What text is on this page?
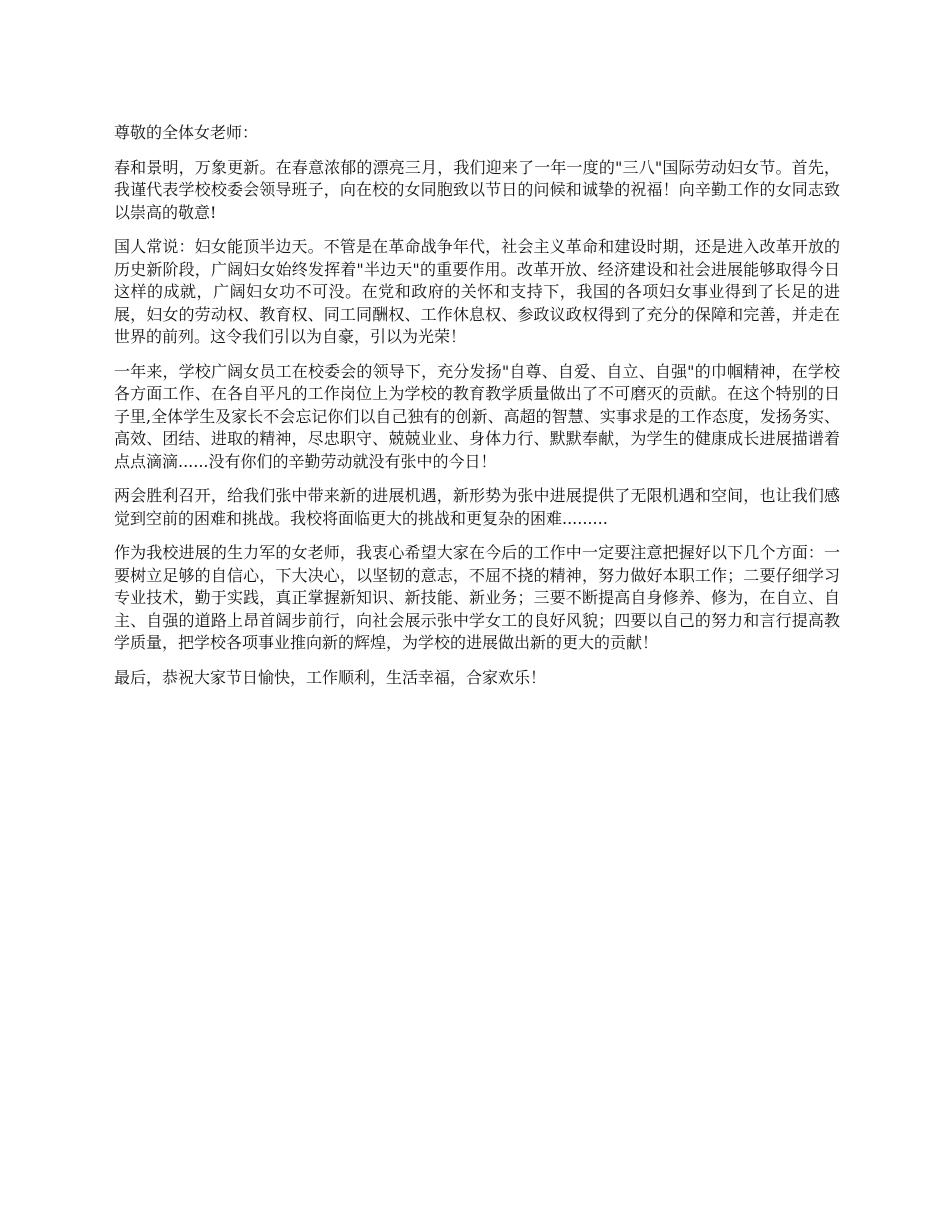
尊敬的全体女老师：

春和景明，万象更新。在春意浓郁的漂亮三月，我们迎来了一年一度的"三八"国际劳动妇女节。首先，我谨代表学校校委会领导班子，向在校的女同胞致以节日的问候和诚挚的祝福！向辛勤工作的女同志致以崇高的敬意!

国人常说：妇女能顶半边天。不管是在革命战争年代，社会主义革命和建设时期，还是进入改革开放的历史新阶段，广阔妇女始终发挥着"半边天"的重要作用。改革开放、经济建设和社会进展能够取得今日这样的成就，广阔妇女功不可没。在党和政府的关怀和支持下，我国的各项妇女事业得到了长足的进展，妇女的劳动权、教育权、同工同酬权、工作休息权、参政议政权得到了充分的保障和完善，并走在世界的前列。这令我们引以为自豪，引以为光荣！

一年来，学校广阔女员工在校委会的领导下，充分发扬"自尊、自爱、自立、自强"的巾帼精神，在学校各方面工作、在各自平凡的工作岗位上为学校的教育教学质量做出了不可磨灭的贡献。在这个特别的日子里,全体学生及家长不会忘记你们以自己独有的创新、高超的智慧、实事求是的工作态度，发扬务实、高效、团结、进取的精神，尽忠职守、兢兢业业、身体力行、默默奉献，为学生的健康成长进展描谱着点点滴滴......没有你们的辛勤劳动就没有张中的今日！

两会胜利召开，给我们张中带来新的进展机遇，新形势为张中进展提供了无限机遇和空间，也让我们感觉到空前的困难和挑战。我校将面临更大的挑战和更复杂的困难.........

作为我校进展的生力军的女老师，我衷心希望大家在今后的工作中一定要注意把握好以下几个方面：一要树立足够的自信心，下大决心，以坚韧的意志，不屈不挠的精神，努力做好本职工作；二要仔细学习专业技术，勤于实践，真正掌握新知识、新技能、新业务；三要不断提高自身修养、修为，在自立、自主、自强的道路上昂首阔步前行，向社会展示张中学女工的良好风貌；四要以自己的努力和言行提高教学质量，把学校各项事业推向新的辉煌，为学校的进展做出新的更大的贡献！

最后，恭祝大家节日愉快，工作顺利，生活幸福，合家欢乐！
